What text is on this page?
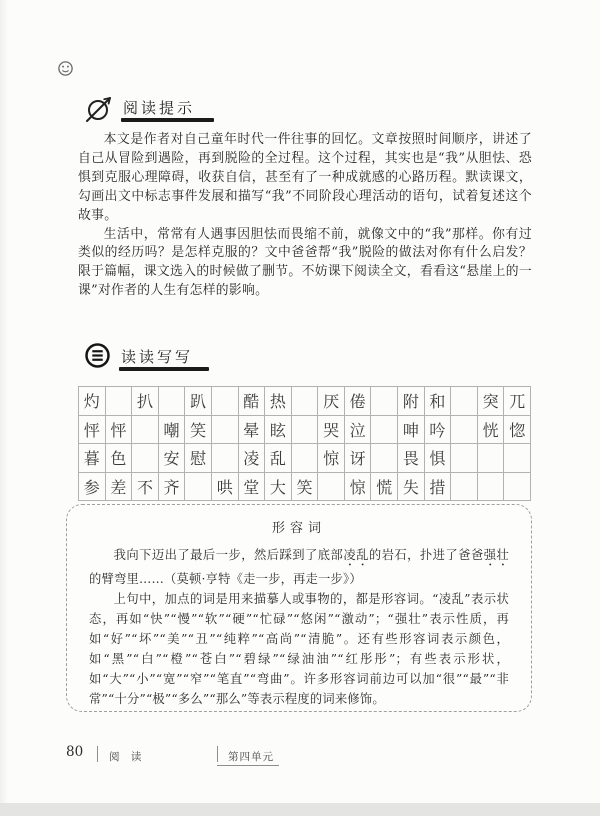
阅读提示

本文是作者对自己童年时代一件往事的回忆。文章按照时间顺序，讲述了自己从冒险到遇险，再到脱险的全过程。这个过程，其实也是“我”从胆怯、恐惧到克服心理障碍，收获自信，甚至有了一种成就感的心路历程。默读课文，勾画出文中标志事件发展和描写“我”不同阶段心理活动的语句，试着复述这个故事。

生活中，常常有人遇事因胆怯而畏缩不前，就像文中的“我”那样。你有过类似的经历吗？是怎样克服的？文中爸爸帮“我”脱险的做法对你有什么启发？限于篇幅，课文选入的时候做了删节。不妨课下阅读全文，看看这“悬崖上的一课”对作者的人生有怎样的影响。

读读写写
灼	扒	趴	酷 热	厌 倦	附 和	突 兀
怦 怦	嘲 笑	晕 眩	哭 泣	呻 吟	恍 惚
暮 色	安 慰	凌 乱	惊 讶	畏 惧
参 差 不 齐	哄 堂 大 笑	惊 慌 失 措

形容词

我向下迈出了最后一步，然后踩到了底部凌乱的岩石，扑进了爸爸强壮的臂弯里……（莫顿·亨特《走一步，再走一步》）

上句中，加点的词是用来描摹人或事物的，都是形容词。“凌乱”表示状态，再如“快”“慢”“软”“硬”“忙碌”“悠闲”“激动”；“强壮”表示性质，再如“好”“坏”“美”“丑”“纯粹”“高尚”“清脆”。还有些形容词表示颜色，如“黑”“白”“橙”“苍白”“碧绿”“绿油油”“红彤彤”；有些表示形状，如“大”“小”“宽”“窄”“笔直”“弯曲”。许多形容词前边可以加“很”“最”“非常”“十分”“极”“多么”“那么”等表示程度的词来修饰。

80 阅 读	第四单元
